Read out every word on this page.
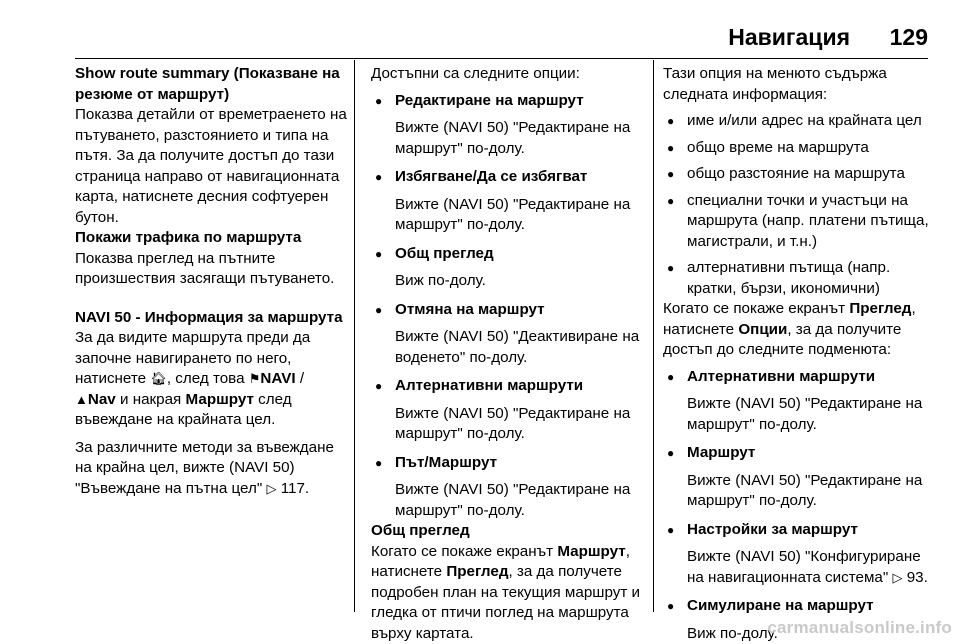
Навигация 129

Show route summary (Показване на резюме от маршрут)

Показва детайли от времетраенето на пътуването, разстоянието и типа на пътя. За да получите достъп до тази страница направо от навигационната карта, натиснете десния софтуерен бутон.

Покажи трафика по маршрута

Показва преглед на пътните произшествия засягащи пътуването.

NAVI 50 - Информация за маршрута

За да видите маршрута преди да започне навигирането по него, натиснете 🏠︎, след това ⚑NAVI / ▲Nav и накрая Маршрут след въвеждане на крайната цел.

За различните методи за въвеждане на крайна цел, вижте (NAVI 50) "Въвеждане на пътна цел" ▷ 117.

Достъпни са следните опции:

● Редактиране на маршрут
Вижте (NAVI 50) "Редактиране на маршрут" по-долу.
● Избягване/Да се избягват
Вижте (NAVI 50) "Редактиране на маршрут" по-долу.
● Общ преглед
Виж по-долу.
● Отмяна на маршрут
Вижте (NAVI 50) "Деактивиране на воденето" по-долу.
● Алтернативни маршрути
Вижте (NAVI 50) "Редактиране на маршрут" по-долу.
● Път/Маршрут
Вижте (NAVI 50) "Редактиране на маршрут" по-долу.

Общ преглед

Когато се покаже екранът Маршрут, натиснете Преглед, за да получете подробен план на текущия маршрут и гледка от птичи поглед на маршрута върху картата.

Тази опция на менюто съдържа следната информация:

● име и/или адрес на крайната цел
● общо време на маршрута
● общо разстояние на маршрута
● специални точки и участъци на маршрута (напр. платени пътища, магистрали, и т.н.)
● алтернативни пътища (напр. кратки, бързи, икономични)

Когато се покаже екранът Преглед, натиснете Опции, за да получите достъп до следните подменюта:

● Алтернативни маршрути
Вижте (NAVI 50) "Редактиране на маршрут" по-долу.
● Маршрут
Вижте (NAVI 50) "Редактиране на маршрут" по-долу.
● Настройки за маршрут
Вижте (NAVI 50) "Конфигуриране на навигационната система" ▷ 93.
● Симулиране на маршрут
Виж по-долу.
carmanualsonline.info
